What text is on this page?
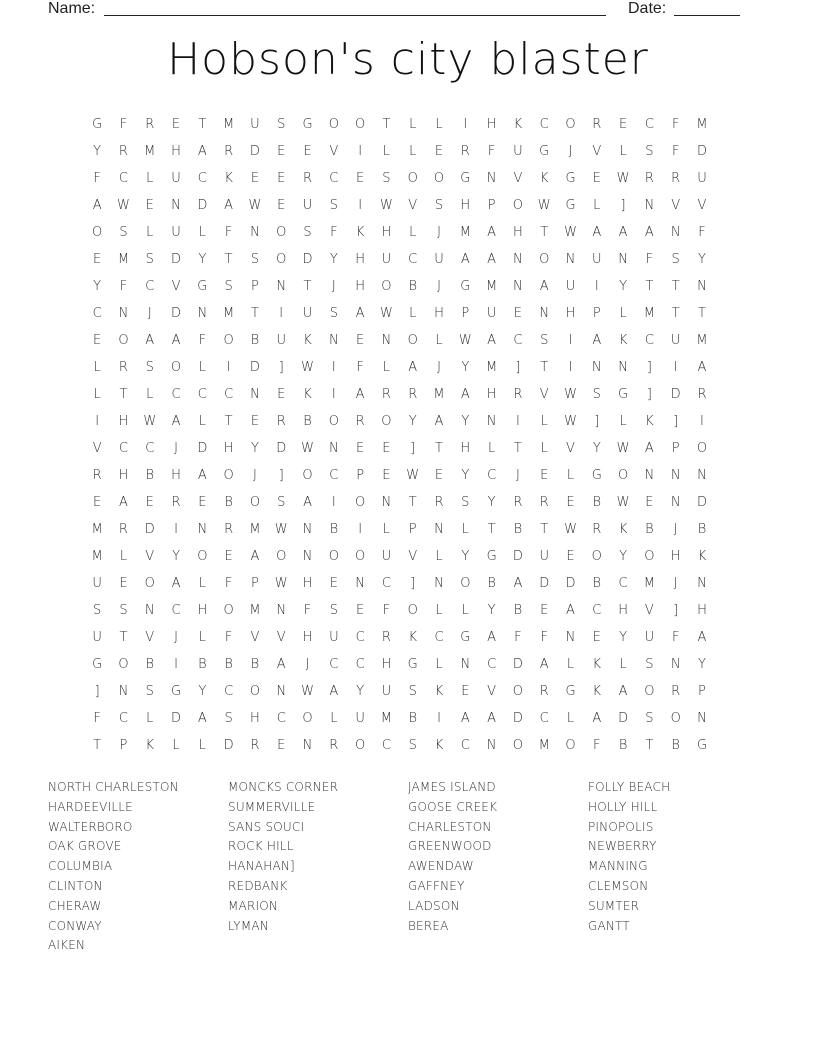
Name:	Date:
Hobson's city blaster
G	F	R	E	T	M	U	S	G	O	O	T	L	L	I	H	K	C	O	R	E	C	F	M
Y	R	M	H	A	R	D	E	E	V	I	L	L	E	R	F	U	G	J	V	L	S	F	D
F	C	L	U	C	K	E	E	R	C	E	S	O	O	G	N	V	K	G	E	W	R	R	U
A	W	E	N	D	A	W	E	U	S	I	W	V	S	H	P	O	W	G	L	]	N	V	V
O	S	L	U	L	F	N	O	S	F	K	H	L	J	M	A	H	T	W	A	A	A	N	F
E	M	S	D	Y	T	S	O	D	Y	H	U	C	U	A	A	N	O	N	U	N	F	S	Y
Y	F	C	V	G	S	P	N	T	J	H	O	B	J	G	M	N	A	U	I	Y	T	T	N
C	N	J	D	N	M	T	I	U	S	A	W	L	H	P	U	E	N	H	P	L	M	T	T
E	O	A	A	F	O	B	U	K	N	E	N	O	L	W	A	C	S	I	A	K	C	U	M
L	R	S	O	L	I	D	]	W	I	F	L	A	J	Y	M	]	T	I	N	N	]	I	A
L	T	L	C	C	C	N	E	K	I	A	R	R	M	A	H	R	V	W	S	G	]	D	R
I	H	W	A	L	T	E	R	B	O	R	O	Y	A	Y	N	I	L	W	]	L	K	]	I
V	C	C	J	D	H	Y	D	W	N	E	E	]	T	H	L	T	L	V	Y	W	A	P	O
R	H	B	H	A	O	J	]	O	C	P	E	W	E	Y	C	J	E	L	G	O	N	N	N
E	A	E	R	E	B	O	S	A	I	O	N	T	R	S	Y	R	R	E	B	W	E	N	D
M	R	D	I	N	R	M	W	N	B	I	L	P	N	L	T	B	T	W	R	K	B	J	B
M	L	V	Y	O	E	A	O	N	O	O	U	V	L	Y	G	D	U	E	O	Y	O	H	K
U	E	O	A	L	F	P	W	H	E	N	C	]	N	O	B	A	D	D	B	C	M	J	N
S	S	N	C	H	O	M	N	F	S	E	F	O	L	L	Y	B	E	A	C	H	V	]	H
U	T	V	J	L	F	V	V	H	U	C	R	K	C	G	A	F	F	N	E	Y	U	F	A
G	O	B	I	B	B	B	A	J	C	C	H	G	L	N	C	D	A	L	K	L	S	N	Y
]	N	S	G	Y	C	O	N	W	A	Y	U	S	K	E	V	O	R	G	K	A	O	R	P
F	C	L	D	A	S	H	C	O	L	U	M	B	I	A	A	D	C	L	A	D	S	O	N
T	P	K	L	L	D	R	E	N	R	O	C	S	K	C	N	O	M	O	F	B	T	B	G
NORTH CHARLESTON
HARDEEVILLE
WALTERBORO
OAK GROVE
COLUMBIA
CLINTON
CHERAW
CONWAY
AIKEN
MONCKS CORNER
SUMMERVILLE
SANS SOUCI
ROCK HILL
HANAHAN]
REDBANK
MARION
LYMAN
JAMES ISLAND
GOOSE CREEK
CHARLESTON
GREENWOOD
AWENDAW
GAFFNEY
LADSON
BEREA
FOLLY BEACH
HOLLY HILL
PINOPOLIS
NEWBERRY
MANNING
CLEMSON
SUMTER
GANTT
